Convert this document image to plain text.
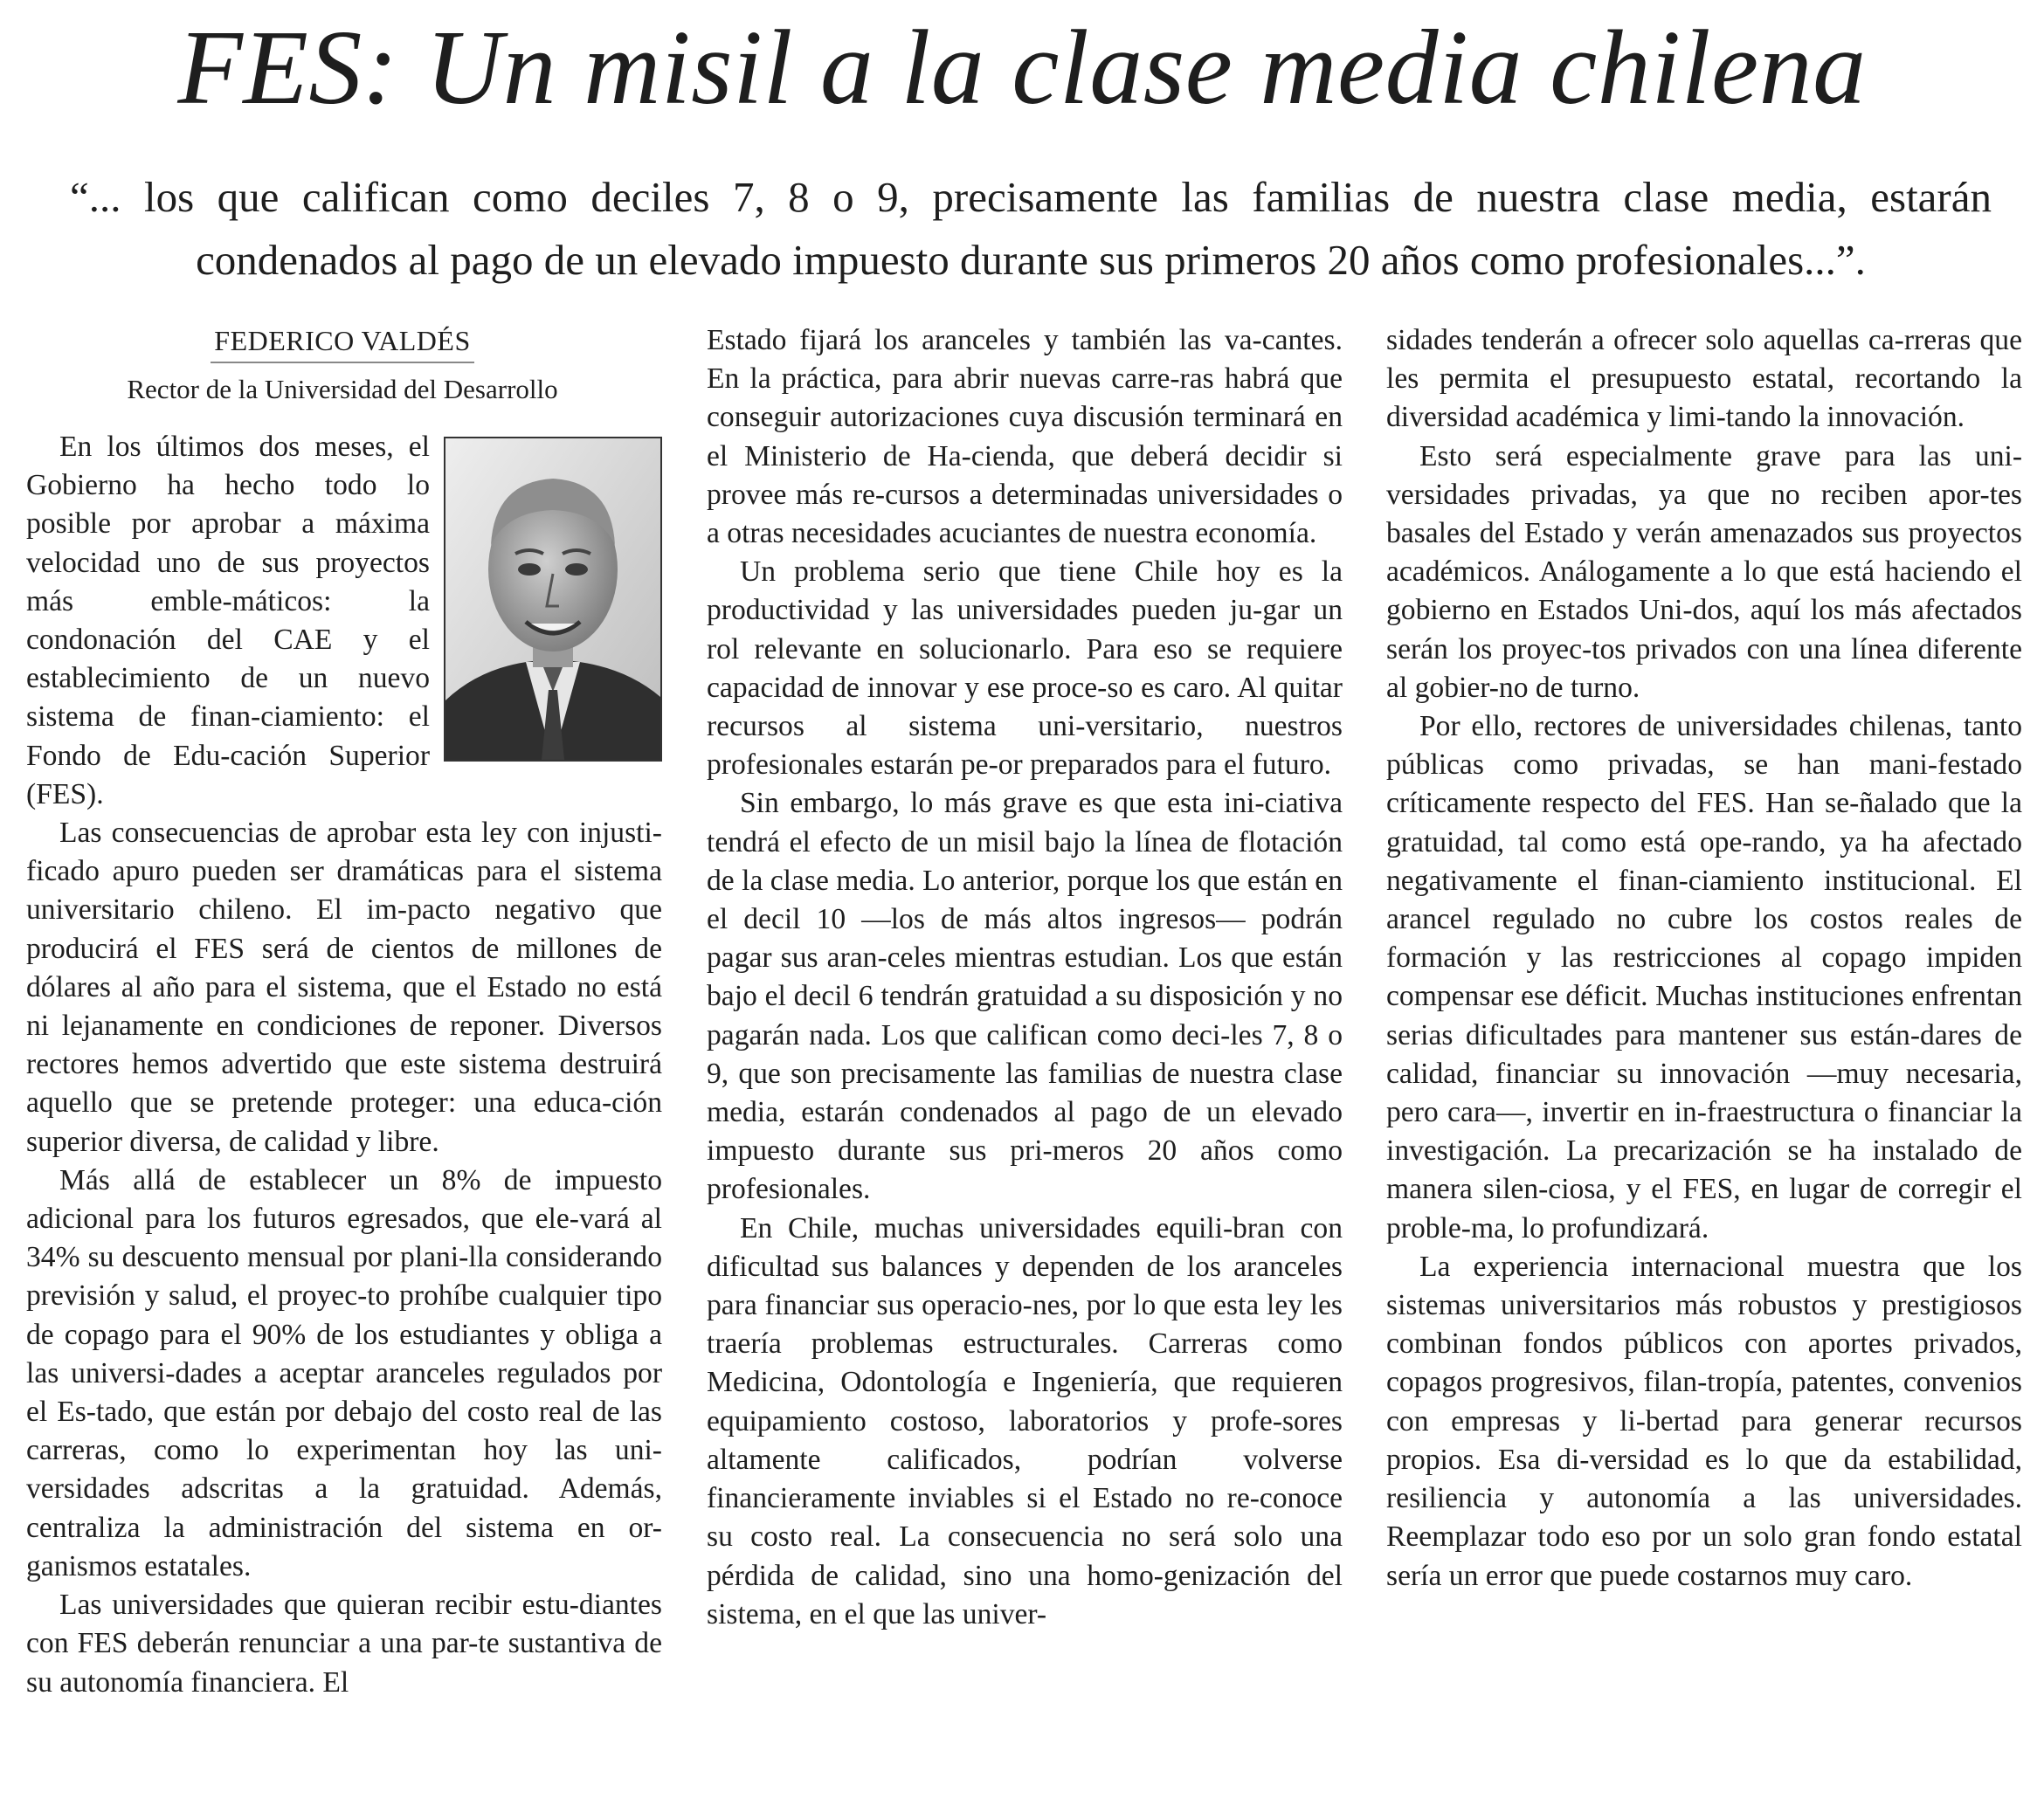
FES: Un misil a la clase media chilena

“... los que califican como deciles 7, 8 o 9, precisamente las familias de nuestra clase media, estarán condenados al pago de un elevado impuesto durante sus primeros 20 años como profesionales...”.

FEDERICO VALDÉS
Rector de la Universidad del Desarrollo

En los últimos dos meses, el Gobierno ha hecho todo lo posible por aprobar a máxima velocidad uno de sus proyectos más emble-máticos: la condonación del CAE y el establecimiento de un nuevo sistema de finan-ciamiento: el Fondo de Edu-cación Superior (FES).

Las consecuencias de aprobar esta ley con injusti-ficado apuro pueden ser dramáticas para el sistema universitario chileno. El im-pacto negativo que producirá el FES será de cientos de millones de dólares al año para el sistema, que el Estado no está ni lejanamente en condiciones de reponer. Diversos rectores hemos advertido que este sistema destruirá aquello que se pretende proteger: una educa-ción superior diversa, de calidad y libre.

Más allá de establecer un 8% de impuesto adicional para los futuros egresados, que ele-vará al 34% su descuento mensual por plani-lla considerando previsión y salud, el proyec-to prohíbe cualquier tipo de copago para el 90% de los estudiantes y obliga a las universi-dades a aceptar aranceles regulados por el Es-tado, que están por debajo del costo real de las carreras, como lo experimentan hoy las uni-versidades adscritas a la gratuidad. Además, centraliza la administración del sistema en or-ganismos estatales.

Las universidades que quieran recibir estu-diantes con FES deberán renunciar a una par-te sustantiva de su autonomía financiera. El

Estado fijará los aranceles y también las va-cantes. En la práctica, para abrir nuevas carre-ras habrá que conseguir autorizaciones cuya discusión terminará en el Ministerio de Ha-cienda, que deberá decidir si provee más re-cursos a determinadas universidades o a otras necesidades acuciantes de nuestra economía.

Un problema serio que tiene Chile hoy es la productividad y las universidades pueden ju-gar un rol relevante en solucionarlo. Para eso se requiere capacidad de innovar y ese proce-so es caro. Al quitar recursos al sistema uni-versitario, nuestros profesionales estarán pe-or preparados para el futuro.

Sin embargo, lo más grave es que esta ini-ciativa tendrá el efecto de un misil bajo la línea de flotación de la clase media. Lo anterior, porque los que están en el decil 10 —los de más altos ingresos— podrán pagar sus aran-celes mientras estudian. Los que están bajo el decil 6 tendrán gratuidad a su disposición y no pagarán nada. Los que califican como deci-les 7, 8 o 9, que son precisamente las familias de nuestra clase media, estarán condenados al pago de un elevado impuesto durante sus pri-meros 20 años como profesionales.

En Chile, muchas universidades equili-bran con dificultad sus balances y dependen de los aranceles para financiar sus operacio-nes, por lo que esta ley les traería problemas estructurales. Carreras como Medicina, Odontología e Ingeniería, que requieren equipamiento costoso, laboratorios y profe-sores altamente calificados, podrían volverse financieramente inviables si el Estado no re-conoce su costo real. La consecuencia no será solo una pérdida de calidad, sino una homo-genización del sistema, en el que las univer-

sidades tenderán a ofrecer solo aquellas ca-rreras que les permita el presupuesto estatal, recortando la diversidad académica y limi-tando la innovación.

Esto será especialmente grave para las uni-versidades privadas, ya que no reciben apor-tes basales del Estado y verán amenazados sus proyectos académicos. Análogamente a lo que está haciendo el gobierno en Estados Uni-dos, aquí los más afectados serán los proyec-tos privados con una línea diferente al gobier-no de turno.

Por ello, rectores de universidades chilenas, tanto públicas como privadas, se han mani-festado críticamente respecto del FES. Han se-ñalado que la gratuidad, tal como está ope-rando, ya ha afectado negativamente el finan-ciamiento institucional. El arancel regulado no cubre los costos reales de formación y las restricciones al copago impiden compensar ese déficit. Muchas instituciones enfrentan serias dificultades para mantener sus están-dares de calidad, financiar su innovación —muy necesaria, pero cara—, invertir en in-fraestructura o financiar la investigación. La precarización se ha instalado de manera silen-ciosa, y el FES, en lugar de corregir el proble-ma, lo profundizará.

La experiencia internacional muestra que los sistemas universitarios más robustos y prestigiosos combinan fondos públicos con aportes privados, copagos progresivos, filan-tropía, patentes, convenios con empresas y li-bertad para generar recursos propios. Esa di-versidad es lo que da estabilidad, resiliencia y autonomía a las universidades. Reemplazar todo eso por un solo gran fondo estatal sería un error que puede costarnos muy caro.
